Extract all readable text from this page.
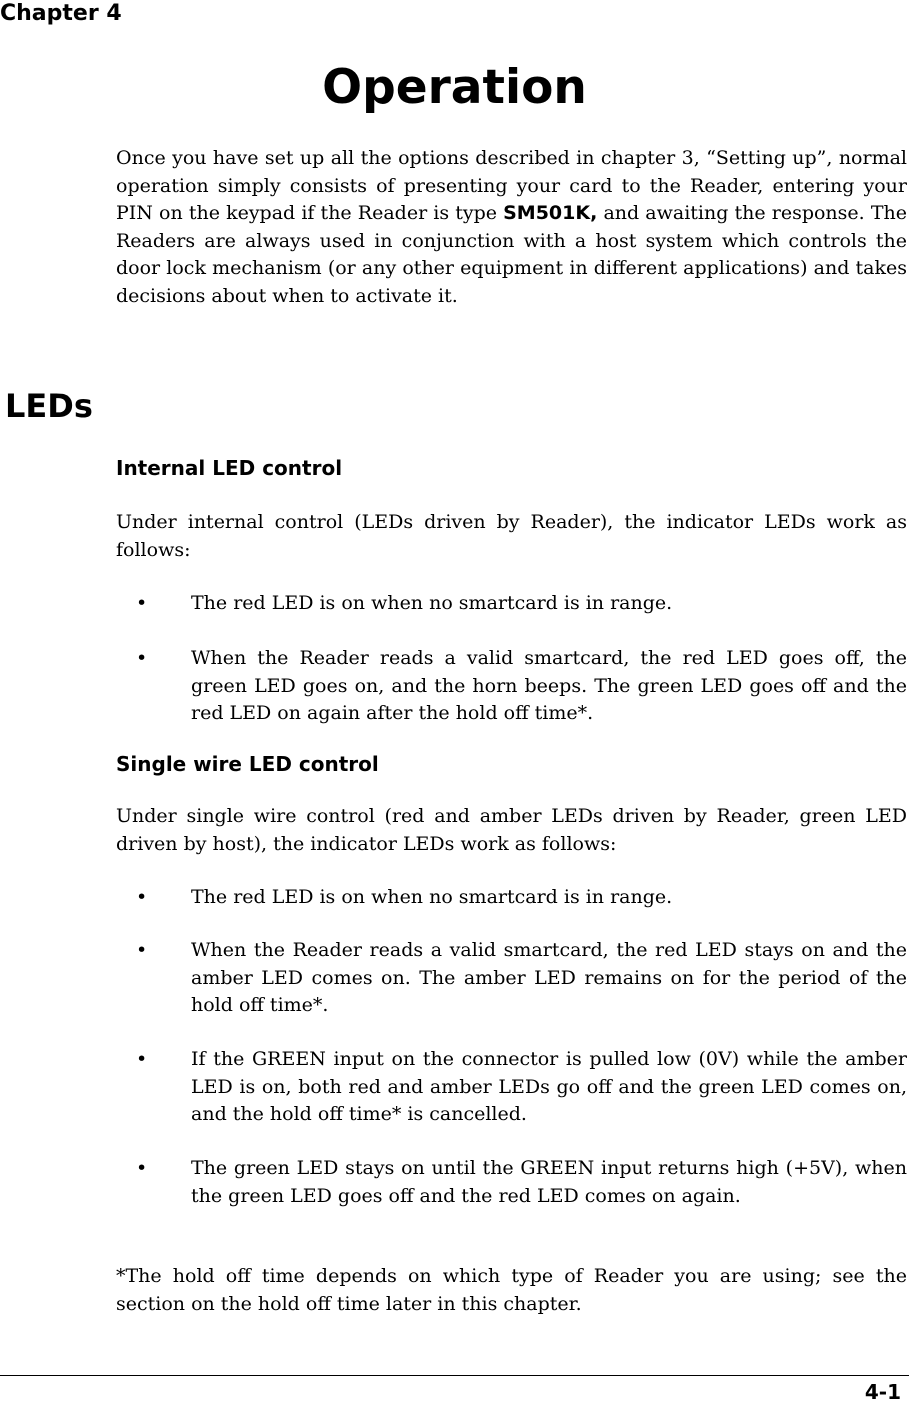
Chapter 4
Operation
Once you have set up all the options described in chapter 3, “Setting up”, normal operation simply consists of presenting your card to the Reader, entering your PIN on the keypad if the Reader is type SM501K, and awaiting the response. The Readers are always used in conjunction with a host system which controls the door lock mechanism (or any other equipment in different applications) and takes decisions about when to activate it.
LEDs
Internal LED control
Under internal control (LEDs driven by Reader), the indicator LEDs work as follows:
• The red LED is on when no smartcard is in range.
• When the Reader reads a valid smartcard, the red LED goes off, the green LED goes on, and the horn beeps. The green LED goes off and the red LED on again after the hold off time*.
Single wire LED control
Under single wire control (red and amber LEDs driven by Reader, green LED driven by host), the indicator LEDs work as follows:
• The red LED is on when no smartcard is in range.
• When the Reader reads a valid smartcard, the red LED stays on and the amber LED comes on. The amber LED remains on for the period of the hold off time*.
• If the GREEN input on the connector is pulled low (0V) while the amber LED is on, both red and amber LEDs go off and the green LED comes on, and the hold off time* is cancelled.
• The green LED stays on until the GREEN input returns high (+5V), when the green LED goes off and the red LED comes on again.
*The hold off time depends on which type of Reader you are using; see the section on the hold off time later in this chapter.
4-1
